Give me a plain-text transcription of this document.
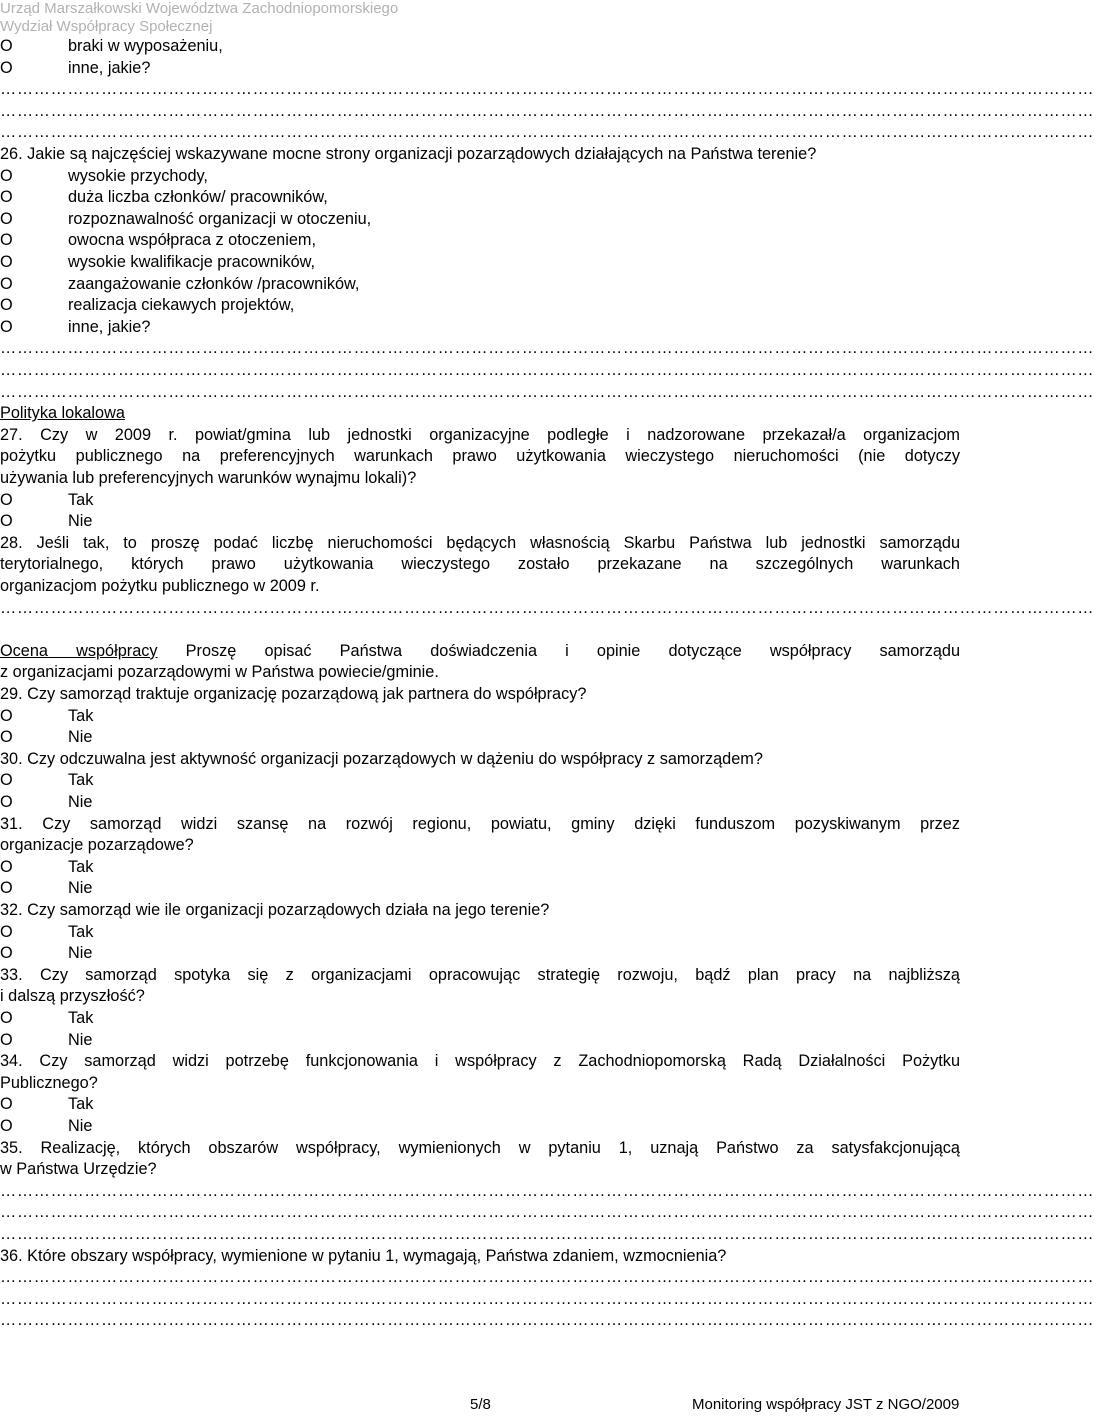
Urząd Marszałkowski Województwa Zachodniopomorskiego
Wydział Współpracy Społecznej
O	braki w wyposażeniu,
O	inne, jakie?
……………………………………………………………………………………………………………………………………………………………………………
……………………………………………………………………………………………………………………………………………………………………………
……………………………………………………………………………………………………………………………………………………………………………
26. Jakie są najczęściej wskazywane mocne strony organizacji pozarządowych działających na Państwa terenie?
O	wysokie przychody,
O	duża liczba członków/ pracowników,
O	rozpoznawalność organizacji w otoczeniu,
O	owocna współpraca z otoczeniem,
O	wysokie kwalifikacje pracowników,
O	zaangażowanie członków /pracowników,
O	realizacja ciekawych projektów,
O	inne, jakie?
……………………………………………………………………………………………………………………………………………………………………………
……………………………………………………………………………………………………………………………………………………………………………
……………………………………………………………………………………………………………………………………………………………………………
Polityka lokalowa
27. Czy w 2009 r. powiat/gmina lub jednostki organizacyjne podległe i nadzorowane przekazał/a organizacjom
pożytku publicznego na preferencyjnych warunkach prawo użytkowania wieczystego nieruchomości (nie dotyczy
używania lub preferencyjnych warunków wynajmu lokali)?
O	Tak
O	Nie
28. Jeśli tak, to proszę podać liczbę nieruchomości będących własnością Skarbu Państwa lub jednostki samorządu
terytorialnego, których prawo użytkowania wieczystego zostało przekazane na szczególnych warunkach
organizacjom pożytku publicznego w 2009 r.
……………………………………………………………………………………………………………………………………………………………………………
Ocena współpracy Proszę opisać Państwa doświadczenia i opinie dotyczące współpracy samorządu
z organizacjami pozarządowymi w Państwa powiecie/gminie.
29. Czy samorząd traktuje organizację pozarządową jak partnera do współpracy?
O	Tak
O	Nie
30. Czy odczuwalna jest aktywność organizacji pozarządowych w dążeniu do współpracy z samorządem?
O	Tak
O	Nie
31. Czy samorząd widzi szansę na rozwój regionu, powiatu, gminy dzięki funduszom pozyskiwanym przez
organizacje pozarządowe?
O	Tak
O	Nie
32. Czy samorząd wie ile organizacji pozarządowych działa na jego terenie?
O	Tak
O	Nie
33. Czy samorząd spotyka się z organizacjami opracowując strategię rozwoju, bądź plan pracy na najbliższą
i dalszą przyszłość?
O	Tak
O	Nie
34. Czy samorząd widzi potrzebę funkcjonowania i współpracy z Zachodniopomorską Radą Działalności Pożytku
Publicznego?
O	Tak
O	Nie
35. Realizację, których obszarów współpracy, wymienionych w pytaniu 1, uznają Państwo za satysfakcjonującą
w Państwa Urzędzie?
……………………………………………………………………………………………………………………………………………………………………………
……………………………………………………………………………………………………………………………………………………………………………
……………………………………………………………………………………………………………………………………………………………………………
36. Które obszary współpracy, wymienione w pytaniu 1, wymagają, Państwa zdaniem, wzmocnienia?
……………………………………………………………………………………………………………………………………………………………………………
……………………………………………………………………………………………………………………………………………………………………………
……………………………………………………………………………………………………………………………………………………………………………
5/8	Monitoring współpracy JST z NGO/2009
